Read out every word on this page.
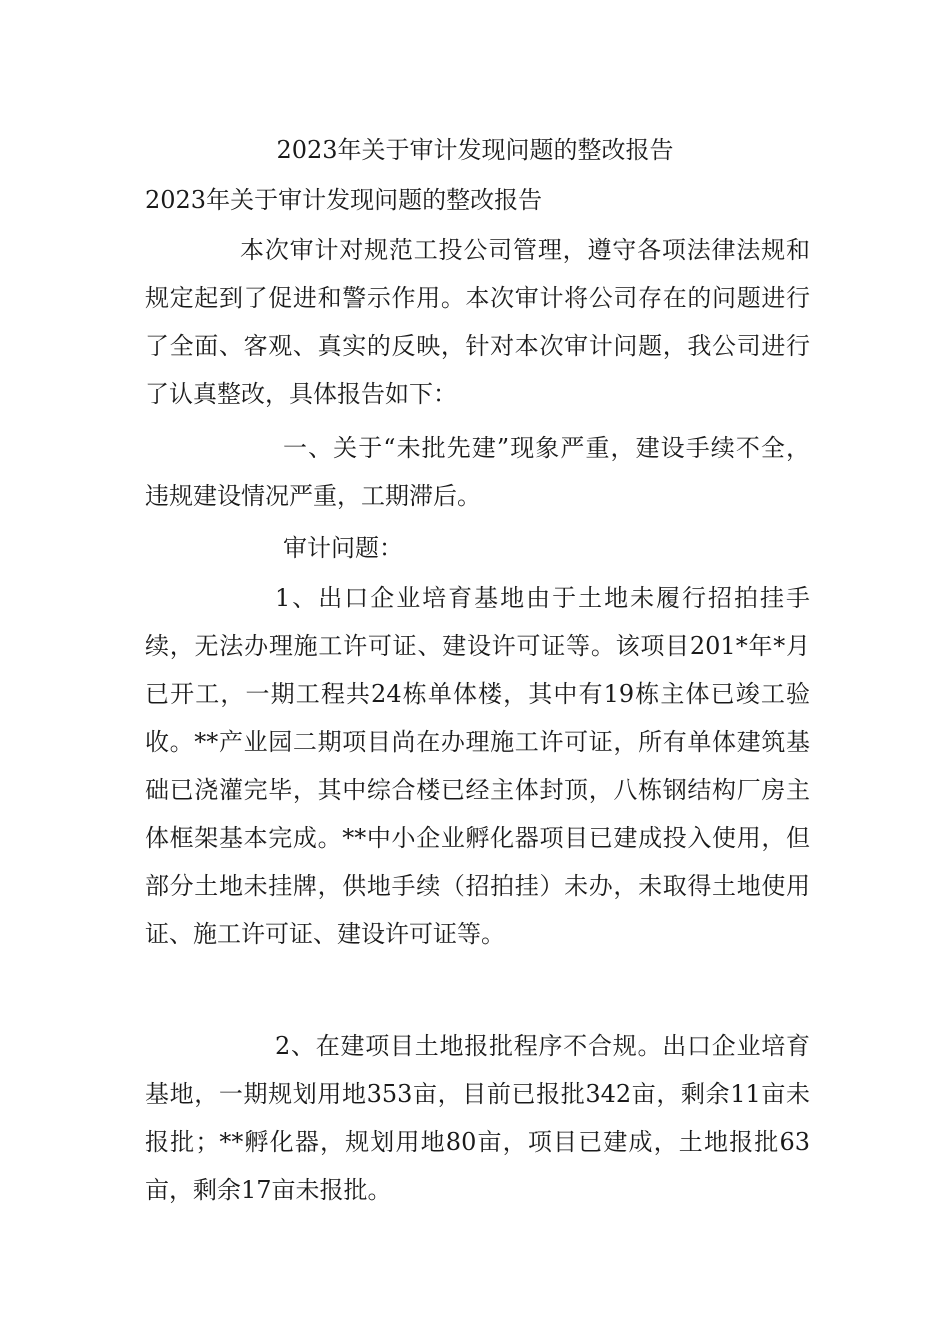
2023年关于审计发现问题的整改报告
2023年关于审计发现问题的整改报告

本次审计对规范工投公司管理，遵守各项法律法规和规定起到了促进和警示作用。本次审计将公司存在的问题进行了全面、客观、真实的反映，针对本次审计问题，我公司进行了认真整改，具体报告如下：

一、关于“未批先建”现象严重，建设手续不全，违规建设情况严重，工期滞后。

审计问题：

1、出口企业培育基地由于土地未履行招拍挂手续，无法办理施工许可证、建设许可证等。该项目201*年*月已开工，一期工程共24栋单体楼，其中有19栋主体已竣工验收。**产业园二期项目尚在办理施工许可证，所有单体建筑基础已浇灌完毕，其中综合楼已经主体封顶，八栋钢结构厂房主体框架基本完成。**中小企业孵化器项目已建成投入使用，但部分土地未挂牌，供地手续（招拍挂）未办，未取得土地使用证、施工许可证、建设许可证等。

2、在建项目土地报批程序不合规。出口企业培育基地，一期规划用地353亩，目前已报批342亩，剩余11亩未报批；**孵化器，规划用地80亩，项目已建成，土地报批63亩，剩余17亩未报批。
